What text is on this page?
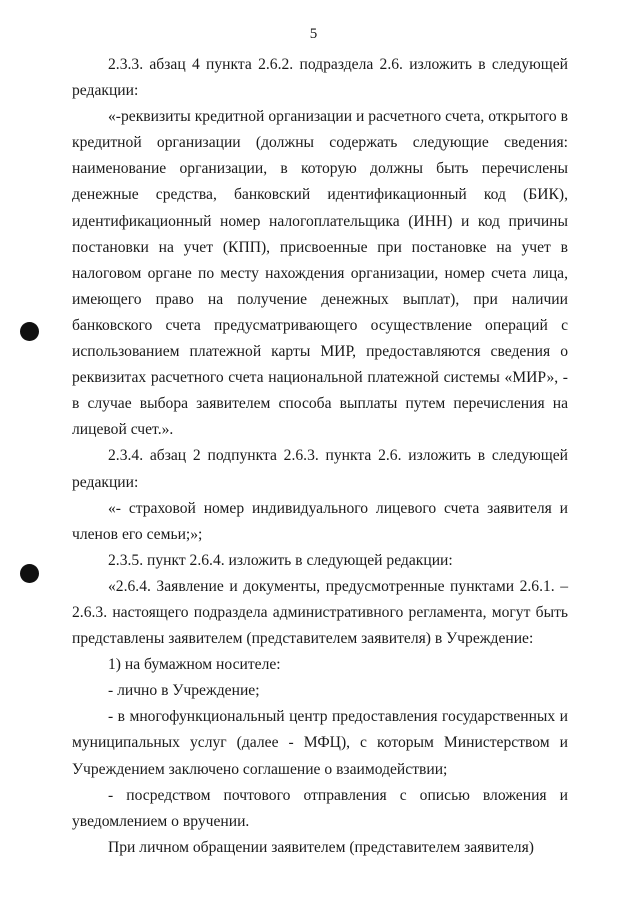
5

2.3.3. абзац 4 пункта 2.6.2. подраздела 2.6. изложить в следующей редакции:

«-реквизиты кредитной организации и расчетного счета, открытого в кредитной организации (должны содержать следующие сведения: наименование организации, в которую должны быть перечислены денежные средства, банковский идентификационный код (БИК), идентификационный номер налогоплательщика (ИНН) и код причины постановки на учет (КПП), присвоенные при постановке на учет в налоговом органе по месту нахождения организации, номер счета лица, имеющего право на получение денежных выплат), при наличии банковского счета предусматривающего осуществление операций с использованием платежной карты МИР, предоставляются сведения о реквизитах расчетного счета национальной платежной системы «МИР», - в случае выбора заявителем способа выплаты путем перечисления на лицевой счет.».

2.3.4. абзац 2 подпункта 2.6.3. пункта 2.6. изложить в следующей редакции:

«- страховой номер индивидуального лицевого счета заявителя и членов его семьи;»;

2.3.5. пункт 2.6.4. изложить в следующей редакции:

«2.6.4. Заявление и документы, предусмотренные пунктами 2.6.1. – 2.6.3. настоящего подраздела административного регламента, могут быть представлены заявителем (представителем заявителя) в Учреждение:

1) на бумажном носителе:

- лично в Учреждение;

- в многофункциональный центр предоставления государственных и муниципальных услуг (далее - МФЦ), с которым Министерством и Учреждением заключено соглашение о взаимодействии;

- посредством почтового отправления с описью вложения и уведомлением о вручении.

При личном обращении заявителем (представителем заявителя)
